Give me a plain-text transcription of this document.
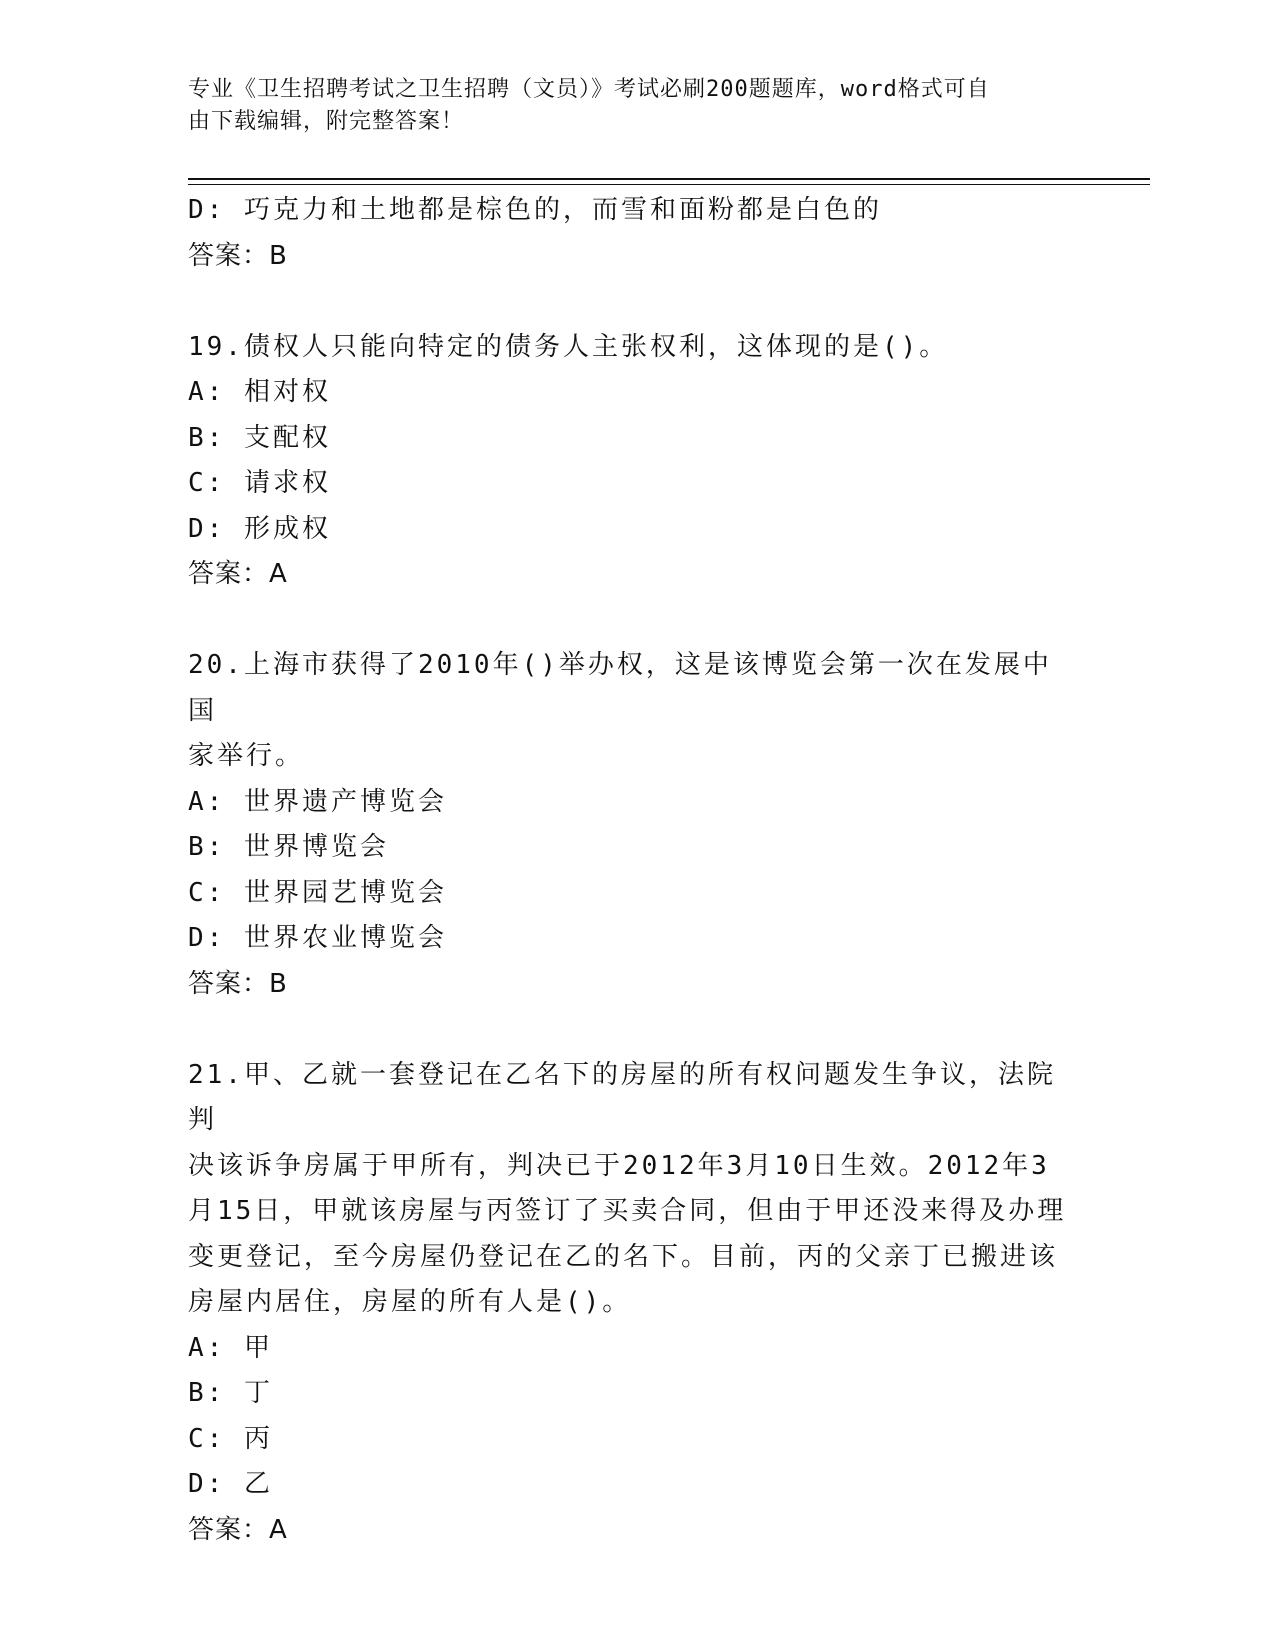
专业《卫生招聘考试之卫生招聘（文员）》考试必刷200题题库，word格式可自
由下载编辑，附完整答案！
D: 巧克力和土地都是棕色的，而雪和面粉都是白色的
答案：B
19.债权人只能向特定的债务人主张权利，这体现的是()。
A: 相对权
B: 支配权
C: 请求权
D: 形成权
答案：A
20.上海市获得了2010年()举办权，这是该博览会第一次在发展中国
家举行。
A: 世界遗产博览会
B: 世界博览会
C: 世界园艺博览会
D: 世界农业博览会
答案：B
21.甲、乙就一套登记在乙名下的房屋的所有权问题发生争议，法院判
决该诉争房属于甲所有，判决已于2012年3月10日生效。2012年3
月15日，甲就该房屋与丙签订了买卖合同，但由于甲还没来得及办理
变更登记，至今房屋仍登记在乙的名下。目前，丙的父亲丁已搬进该
房屋内居住，房屋的所有人是()。
A: 甲
B: 丁
C: 丙
D: 乙
答案：A
